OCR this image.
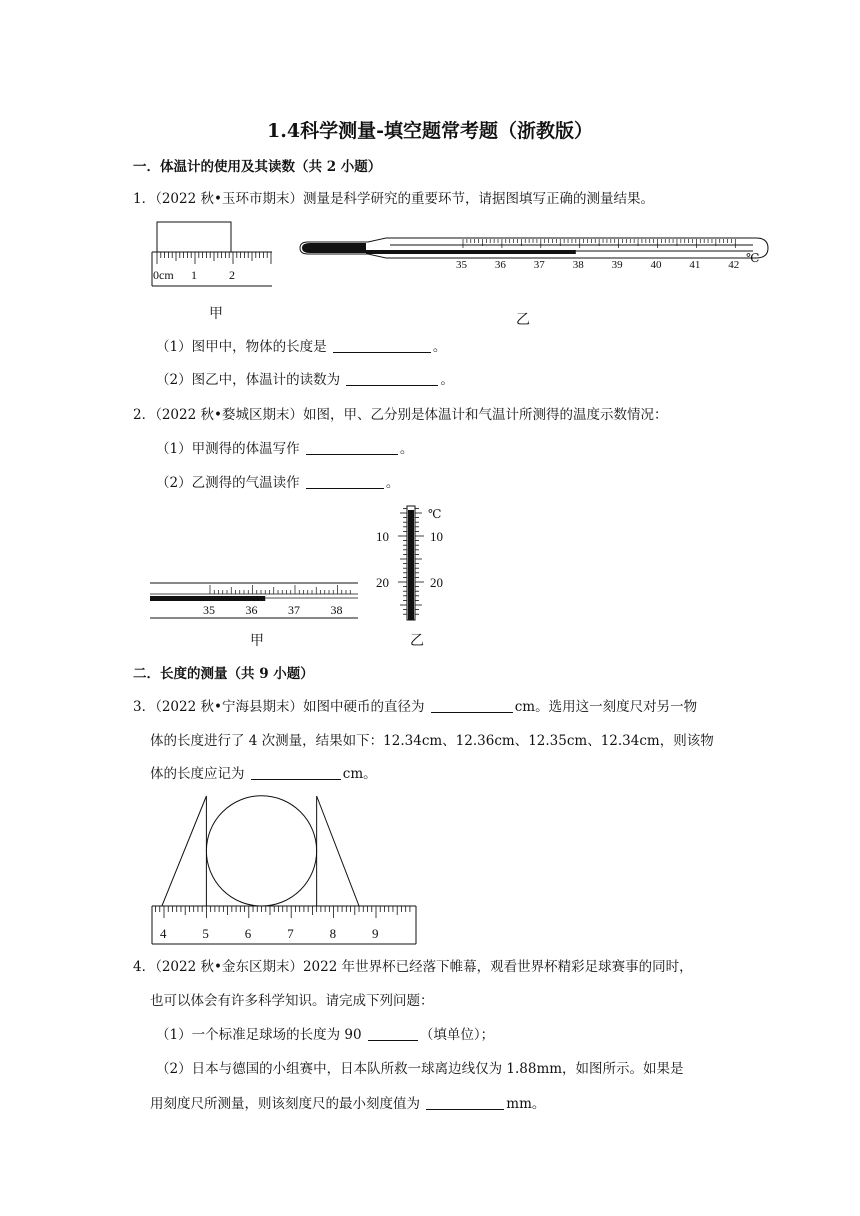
1.4科学测量-填空题常考题（浙教版）
一．体温计的使用及其读数（共 2 小题）
1．（2022 秋•玉环市期末）测量是科学研究的重要环节，请据图填写正确的测量结果。
0cm 1	2
甲
35	36	37	38	39	40	41	42 ℃
乙
（1）图甲中，物体的长度是	。
（2）图乙中，体温计的读数为	。
2．（2022 秋•婺城区期末）如图，甲、乙分别是体温计和气温计所测得的温度示数情况：
（1）甲测得的体温写作	。
（2）乙测得的气温读作	。
35	36	37	38
甲
10	10
20	20
℃
乙
二．长度的测量（共 9 小题）
3．（2022 秋•宁海县期末）如图中硬币的直径为	cm。选用这一刻度尺对另一物
体的长度进行了 4 次测量，结果如下：12.34cm、12.36cm、12.35cm、12.34cm，则该物
体的长度应记为	cm。
4	5	6	7	8	9
4．（2022 秋•金东区期末）2022 年世界杯已经落下帷幕，观看世界杯精彩足球赛事的同时，
也可以体会有许多科学知识。请完成下列问题：
（1）一个标准足球场的长度为 90	（填单位）；
（2）日本与德国的小组赛中，日本队所救一球离边线仅为 1.88mm，如图所示。如果是
用刻度尺所测量，则该刻度尺的最小刻度值为	mm。
